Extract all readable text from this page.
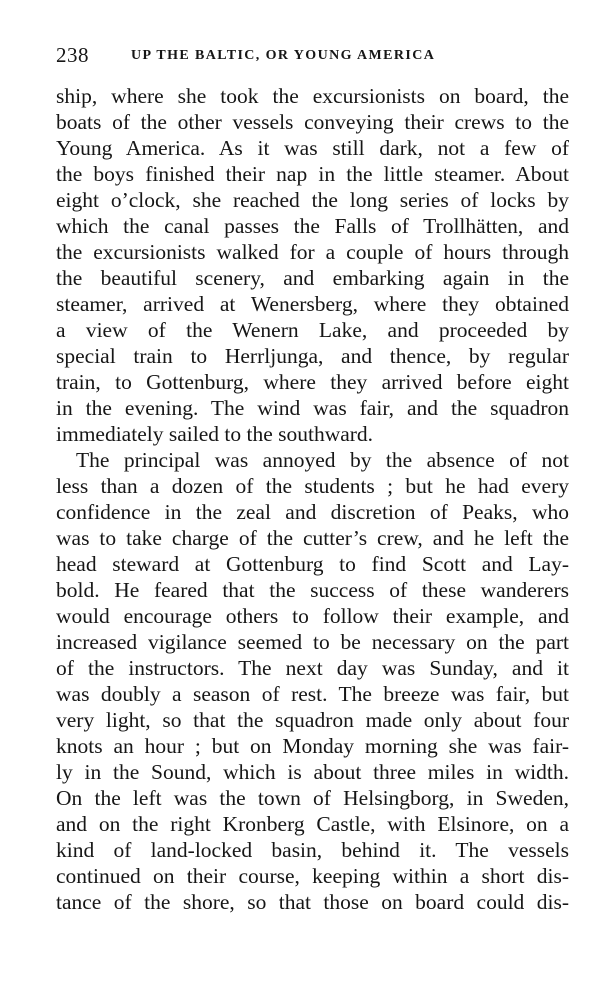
238	UP THE BALTIC, OR YOUNG AMERICA
ship, where she took the excursionists on board, the
boats of the other vessels conveying their crews to the
Young America. As it was still dark, not a few of
the boys finished their nap in the little steamer. About
eight o’clock, she reached the long series of locks by
which the canal passes the Falls of Trollhätten, and
the excursionists walked for a couple of hours through
the beautiful scenery, and embarking again in the
steamer, arrived at Wenersberg, where they obtained
a view of the Wenern Lake, and proceeded by
special train to Herrljunga, and thence, by regular
train, to Gottenburg, where they arrived before eight
in the evening. The wind was fair, and the squadron
immediately sailed to the southward.
The principal was annoyed by the absence of not
less than a dozen of the students ; but he had every
confidence in the zeal and discretion of Peaks, who
was to take charge of the cutter’s crew, and he left the
head steward at Gottenburg to find Scott and Lay-
bold. He feared that the success of these wanderers
would encourage others to follow their example, and
increased vigilance seemed to be necessary on the part
of the instructors. The next day was Sunday, and it
was doubly a season of rest. The breeze was fair, but
very light, so that the squadron made only about four
knots an hour ; but on Monday morning she was fair-
ly in the Sound, which is about three miles in width.
On the left was the town of Helsingborg, in Sweden,
and on the right Kronberg Castle, with Elsinore, on a
kind of land-locked basin, behind it. The vessels
continued on their course, keeping within a short dis-
tance of the shore, so that those on board could dis-
